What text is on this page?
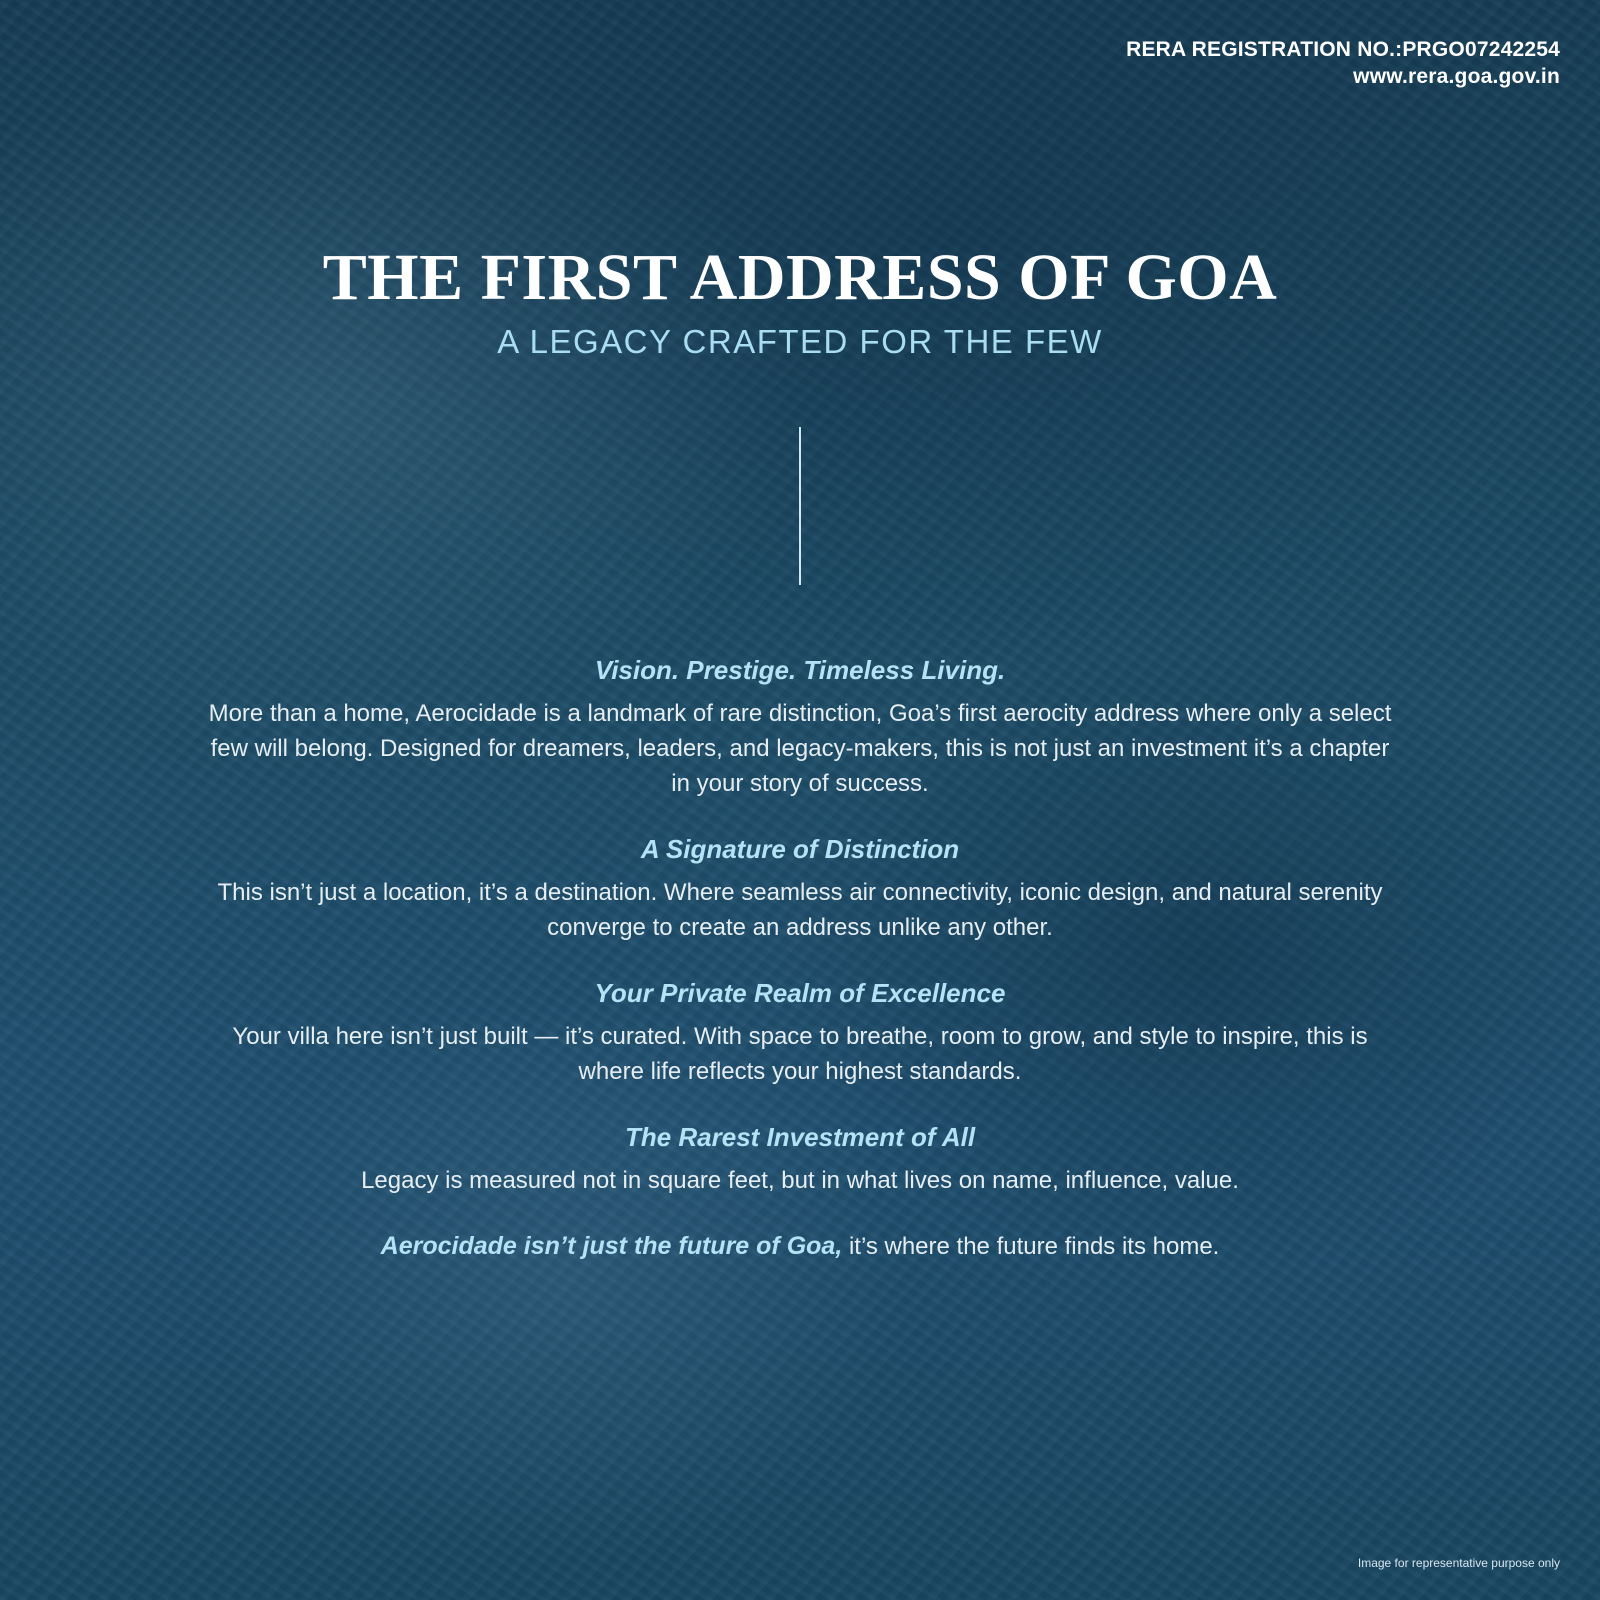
RERA REGISTRATION NO.:PRGO07242254
www.rera.goa.gov.in
THE FIRST ADDRESS OF GOA
A LEGACY CRAFTED FOR THE FEW
Vision. Prestige. Timeless Living.

More than a home, Aerocidade is a landmark of rare distinction, Goa’s first aerocity address where only a select few will belong. Designed for dreamers, leaders, and legacy-makers, this is not just an investment it’s a chapter in your story of success.

A Signature of Distinction

This isn’t just a location, it’s a destination. Where seamless air connectivity, iconic design, and natural serenity converge to create an address unlike any other.

Your Private Realm of Excellence

Your villa here isn’t just built — it’s curated. With space to breathe, room to grow, and style to inspire, this is where life reflects your highest standards.

The Rarest Investment of All

Legacy is measured not in square feet, but in what lives on name, influence, value.

Aerocidade isn’t just the future of Goa, it’s where the future finds its home.

Image for representative purpose only
